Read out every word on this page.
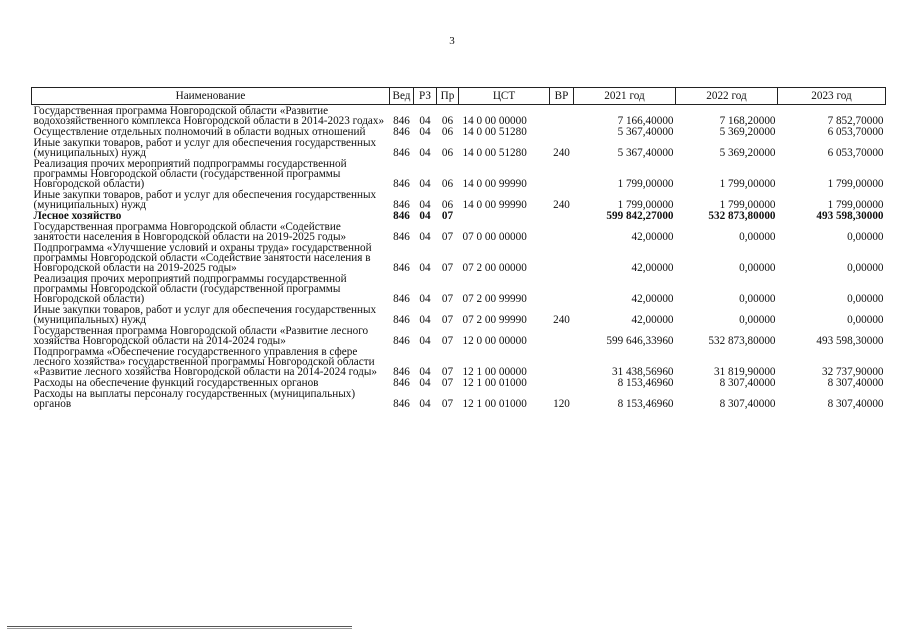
3
Наименование	Вед	РЗ	Пр	ЦСТ	ВР	2021 год	2022 год	2023 год
Государственная программа Новгородской области «Развитие водохозяйственного комплекса Новгородской области в 2014-2023 годах»	846	04	06	14 0 00 00000		7 166,40000	7 168,20000	7 852,70000
Осуществление отдельных полномочий в области водных отношений	846	04	06	14 0 00 51280		5 367,40000	5 369,20000	6 053,70000
Иные закупки товаров, работ и услуг для обеспечения государственных (муниципальных) нужд	846	04	06	14 0 00 51280	240	5 367,40000	5 369,20000	6 053,70000
Реализация прочих мероприятий подпрограммы государственной программы Новгородской области (государственной программы Новгородской области)	846	04	06	14 0 00 99990		1 799,00000	1 799,00000	1 799,00000
Иные закупки товаров, работ и услуг для обеспечения государственных (муниципальных) нужд	846	04	06	14 0 00 99990	240	1 799,00000	1 799,00000	1 799,00000
Лесное хозяйство	846	04	07			599 842,27000	532 873,80000	493 598,30000
Государственная программа Новгородской области «Содействие занятости населения в Новгородской области на 2019-2025 годы»	846	04	07	07 0 00 00000		42,00000	0,00000	0,00000
Подпрограмма «Улучшение условий и охраны труда» государственной программы Новгородской области «Содействие занятости населения в Новгородской области на 2019-2025 годы»	846	04	07	07 2 00 00000		42,00000	0,00000	0,00000
Реализация прочих мероприятий подпрограммы государственной программы Новгородской области (государственной программы Новгородской области)	846	04	07	07 2 00 99990		42,00000	0,00000	0,00000
Иные закупки товаров, работ и услуг для обеспечения государственных (муниципальных) нужд	846	04	07	07 2 00 99990	240	42,00000	0,00000	0,00000
Государственная программа Новгородской области «Развитие лесного хозяйства Новгородской области на 2014-2024 годы»	846	04	07	12 0 00 00000		599 646,33960	532 873,80000	493 598,30000
Подпрограмма «Обеспечение государственного управления в сфере лесного хозяйства» государственной программы Новгородской области «Развитие лесного хозяйства Новгородской области на 2014-2024 годы»	846	04	07	12 1 00 00000		31 438,56960	31 819,90000	32 737,90000
Расходы на обеспечение функций государственных органов	846	04	07	12 1 00 01000		8 153,46960	8 307,40000	8 307,40000
Расходы на выплаты персоналу государственных (муниципальных) органов	846	04	07	12 1 00 01000	120	8 153,46960	8 307,40000	8 307,40000
